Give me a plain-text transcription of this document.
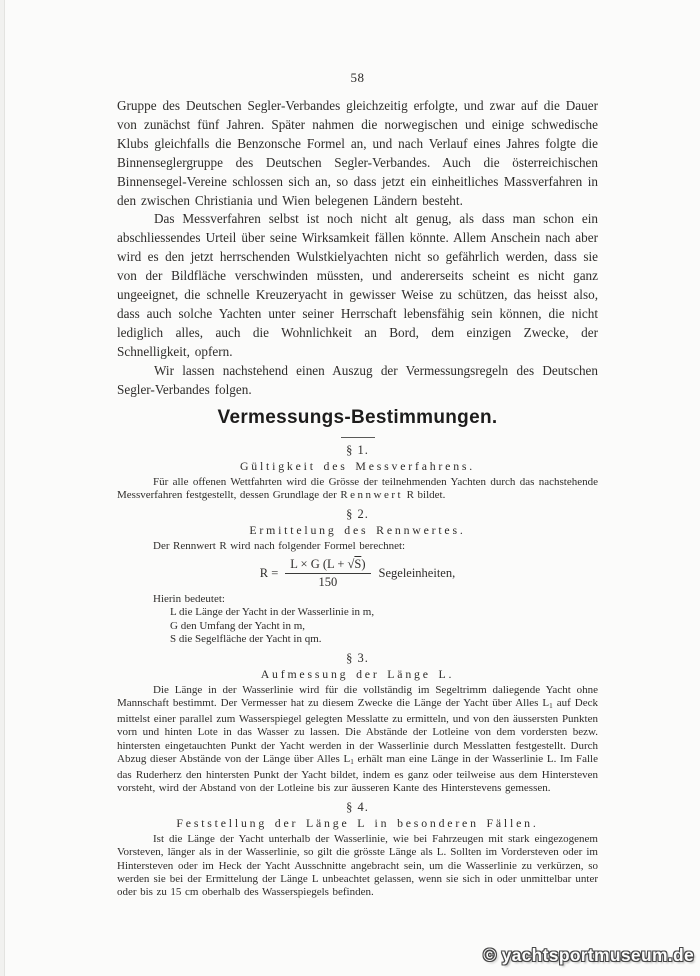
58

Gruppe des Deutschen Segler-Verbandes gleichzeitig erfolgte, und zwar auf die Dauer von zunächst fünf Jahren. Später nahmen die norwegischen und einige schwedische Klubs gleichfalls die Benzonsche Formel an, und nach Verlauf eines Jahres folgte die Binnenseglergruppe des Deutschen Segler-Verbandes. Auch die österreichischen Binnensegel-Vereine schlossen sich an, so dass jetzt ein einheitliches Massverfahren in den zwischen Christiania und Wien belegenen Ländern besteht.

Das Messverfahren selbst ist noch nicht alt genug, als dass man schon ein abschliessendes Urteil über seine Wirksamkeit fällen könnte. Allem Anschein nach aber wird es den jetzt herrschenden Wulstkielyachten nicht so gefährlich werden, dass sie von der Bildfläche verschwinden müssten, und andererseits scheint es nicht ganz ungeeignet, die schnelle Kreuzeryacht in gewisser Weise zu schützen, das heisst also, dass auch solche Yachten unter seiner Herrschaft lebensfähig sein können, die nicht lediglich alles, auch die Wohnlichkeit an Bord, dem einzigen Zwecke, der Schnelligkeit, opfern.

Wir lassen nachstehend einen Auszug der Vermessungsregeln des Deutschen Segler-Verbandes folgen.

Vermessungs-Bestimmungen.
§ 1.
Gültigkeit des Messverfahrens.

Für alle offenen Wettfahrten wird die Grösse der teilnehmenden Yachten durch das nachstehende Messverfahren festgestellt, dessen Grundlage der Rennwert R bildet.

§ 2.
Ermittelung des Rennwertes.

Der Rennwert R wird nach folgender Formel berechnet:

$R = \frac{L \times G (L + √S)}{150}$ Segeleinheiten,

Hierin bedeutet:

L die Länge der Yacht in der Wasserlinie in m,
G den Umfang der Yacht in m,
S die Segelfläche der Yacht in qm.
§ 3.
Aufmessung der Länge L.

Die Länge in der Wasserlinie wird für die vollständig im Segeltrimm daliegende Yacht ohne Mannschaft bestimmt. Der Vermesser hat zu diesem Zwecke die Länge der Yacht über Alles $L_1$ auf Deck mittelst einer parallel zum Wasserspiegel gelegten Messlatte zu ermitteln, und von den äussersten Punkten vorn und hinten Lote in das Wasser zu lassen. Die Abstände der Lotleine von dem vordersten bezw. hintersten eingetauchten Punkt der Yacht werden in der Wasserlinie durch Messlatten festgestellt. Durch Abzug dieser Abstände von der Länge über Alles $L_1$ erhält man eine Länge in der Wasserlinie L. Im Falle das Ruderherz den hintersten Punkt der Yacht bildet, indem es ganz oder teilweise aus dem Hintersteven vorsteht, wird der Abstand von der Lotleine bis zur äusseren Kante des Hinterstevens gemessen.

§ 4.
Feststellung der Länge L in besonderen Fällen.

Ist die Länge der Yacht unterhalb der Wasserlinie, wie bei Fahrzeugen mit stark eingezogenem Vorsteven, länger als in der Wasserlinie, so gilt die grösste Länge als L. Sollten im Vordersteven oder im Hintersteven oder im Heck der Yacht Ausschnitte angebracht sein, um die Wasserlinie zu verkürzen, so werden sie bei der Ermittelung der Länge L unbeachtet gelassen, wenn sie sich in oder unmittelbar unter oder bis zu 15 cm oberhalb des Wasserspiegels befinden.

© yachtsportmuseum.de
